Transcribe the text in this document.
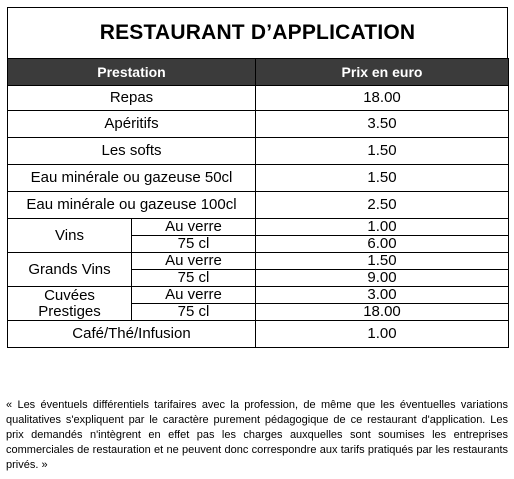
RESTAURANT D’APPLICATION
Prestation		Prix en euro
Repas		18.00
Apéritifs		3.50
Les softs		1.50
Eau minérale ou gazeuse 50cl		1.50
Eau minérale ou gazeuse 100cl		2.50
Vins	Au verre	1.00
	75 cl	6.00
Grands Vins	Au verre	1.50
	75 cl	9.00
Cuvées
Prestiges	Au verre	3.00
	75 cl	18.00
Café/Thé/Infusion		1.00

« Les éventuels différentiels tarifaires avec la profession, de même que les éventuelles variations qualitatives s'expliquent par le caractère purement pédagogique de ce restaurant d'application. Les prix demandés n'intègrent en effet pas les charges auxquelles sont soumises les entreprises commerciales de restauration et ne peuvent donc correspondre aux tarifs pratiqués par les restaurants privés. »
